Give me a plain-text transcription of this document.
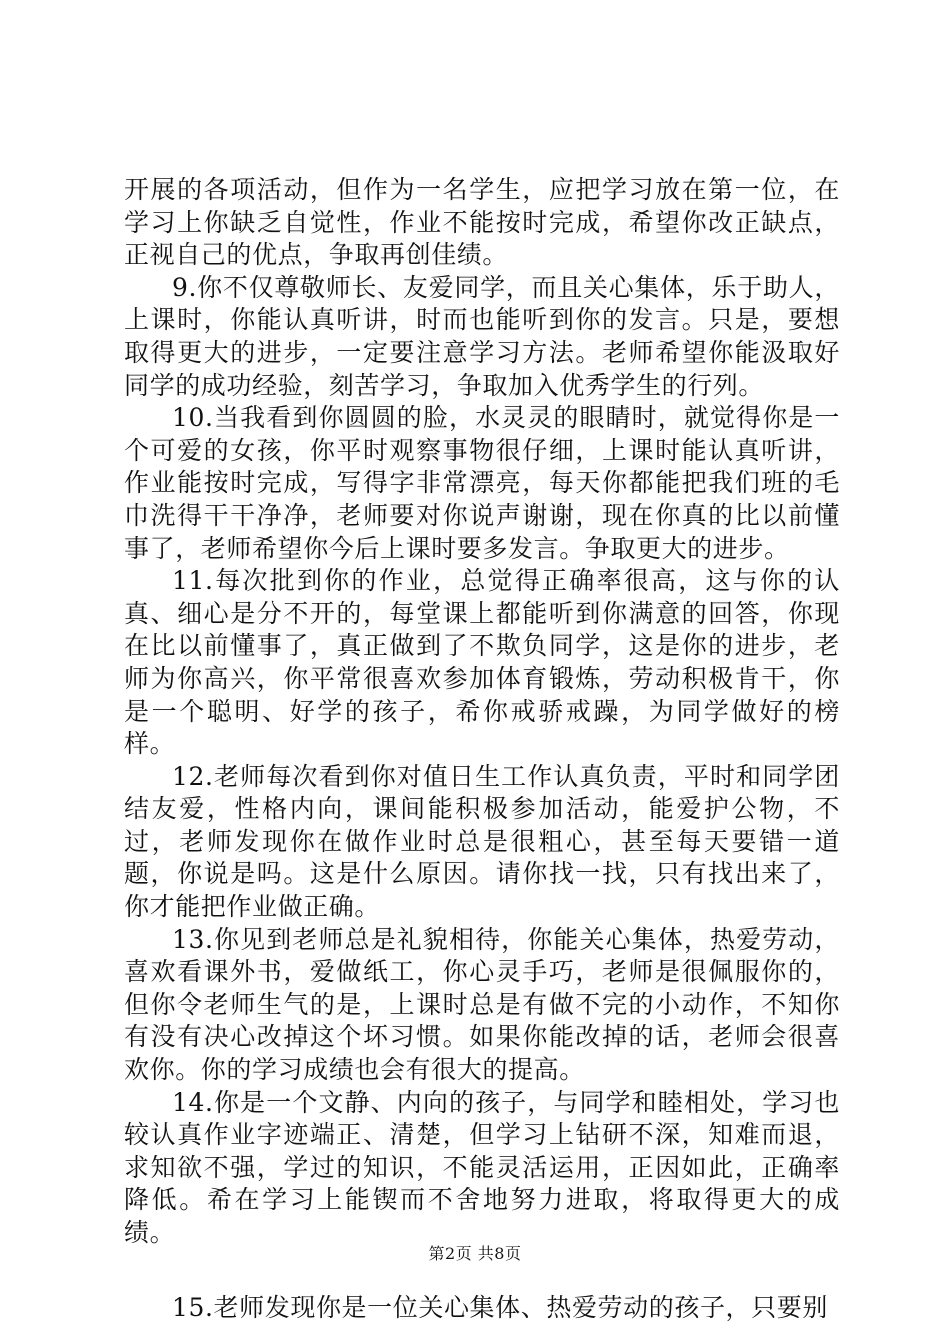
开展的各项活动，但作为一名学生，应把学习放在第一位，在学习上你缺乏自觉性，作业不能按时完成，希望你改正缺点，正视自己的优点，争取再创佳绩。

9.你不仅尊敬师长、友爱同学，而且关心集体，乐于助人，上课时，你能认真听讲，时而也能听到你的发言。只是，要想取得更大的进步，一定要注意学习方法。老师希望你能汲取好同学的成功经验，刻苦学习，争取加入优秀学生的行列。

10.当我看到你圆圆的脸，水灵灵的眼睛时，就觉得你是一个可爱的女孩，你平时观察事物很仔细，上课时能认真听讲，作业能按时完成，写得字非常漂亮，每天你都能把我们班的毛巾洗得干干净净，老师要对你说声谢谢，现在你真的比以前懂事了，老师希望你今后上课时要多发言。争取更大的进步。

11.每次批到你的作业，总觉得正确率很高，这与你的认真、细心是分不开的，每堂课上都能听到你满意的回答，你现在比以前懂事了，真正做到了不欺负同学，这是你的进步，老师为你高兴，你平常很喜欢参加体育锻炼，劳动积极肯干，你是一个聪明、好学的孩子，希你戒骄戒躁，为同学做好的榜样。

12.老师每次看到你对值日生工作认真负责，平时和同学团结友爱，性格内向，课间能积极参加活动，能爱护公物，不过，老师发现你在做作业时总是很粗心，甚至每天要错一道题，你说是吗。这是什么原因。请你找一找，只有找出来了，你才能把作业做正确。

13.你见到老师总是礼貌相待，你能关心集体，热爱劳动，喜欢看课外书，爱做纸工，你心灵手巧，老师是很佩服你的，但你令老师生气的是，上课时总是有做不完的小动作，不知你有没有决心改掉这个坏习惯。如果你能改掉的话，老师会很喜欢你。你的学习成绩也会有很大的提高。

14.你是一个文静、内向的孩子，与同学和睦相处，学习也较认真作业字迹端正、清楚，但学习上钻研不深，知难而退，求知欲不强，学过的知识，不能灵活运用，正因如此，正确率降低。希在学习上能锲而不舍地努力进取，将取得更大的成绩。

15.老师发现你是一位关心集体、热爱劳动的孩子，只要别

第2页 共8页
